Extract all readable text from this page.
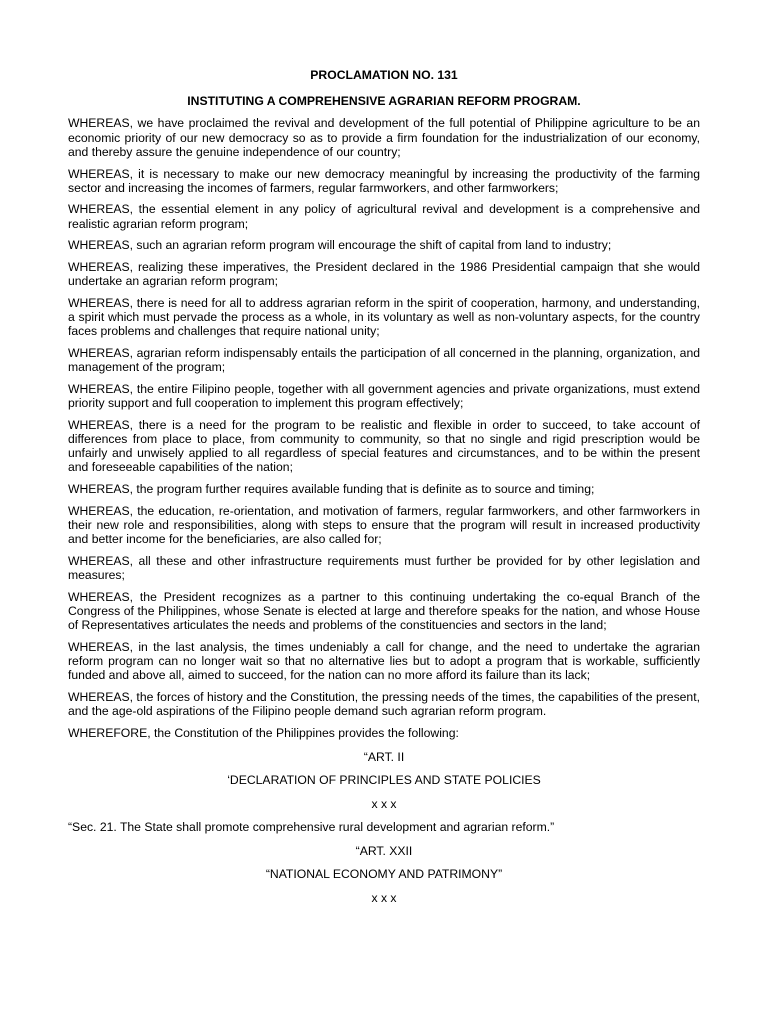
PROCLAMATION NO. 131
INSTITUTING A COMPREHENSIVE AGRARIAN REFORM PROGRAM.

WHEREAS, we have proclaimed the revival and development of the full potential of Philippine agriculture to be an economic priority of our new democracy so as to provide a firm foundation for the industrialization of our economy, and thereby assure the genuine independence of our country;

WHEREAS, it is necessary to make our new democracy meaningful by increasing the productivity of the farming sector and increasing the incomes of farmers, regular farmworkers, and other farmworkers;

WHEREAS, the essential element in any policy of agricultural revival and development is a comprehensive and realistic agrarian reform program;

WHEREAS, such an agrarian reform program will encourage the shift of capital from land to industry;

WHEREAS, realizing these imperatives, the President declared in the 1986 Presidential campaign that she would undertake an agrarian reform program;

WHEREAS, there is need for all to address agrarian reform in the spirit of cooperation, harmony, and understanding, a spirit which must pervade the process as a whole, in its voluntary as well as non-voluntary aspects, for the country faces problems and challenges that require national unity;

WHEREAS, agrarian reform indispensably entails the participation of all concerned in the planning, organization, and management of the program;

WHEREAS, the entire Filipino people, together with all government agencies and private organizations, must extend priority support and full cooperation to implement this program effectively;

WHEREAS, there is a need for the program to be realistic and flexible in order to succeed, to take account of differences from place to place, from community to community, so that no single and rigid prescription would be unfairly and unwisely applied to all regardless of special features and circumstances, and to be within the present and foreseeable capabilities of the nation;

WHEREAS, the program further requires available funding that is definite as to source and timing;

WHEREAS, the education, re-orientation, and motivation of farmers, regular farmworkers, and other farmworkers in their new role and responsibilities, along with steps to ensure that the program will result in increased productivity and better income for the beneficiaries, are also called for;

WHEREAS, all these and other infrastructure requirements must further be provided for by other legislation and measures;

WHEREAS, the President recognizes as a partner to this continuing undertaking the co-equal Branch of the Congress of the Philippines, whose Senate is elected at large and therefore speaks for the nation, and whose House of Representatives articulates the needs and problems of the constituencies and sectors in the land;

WHEREAS, in the last analysis, the times undeniably a call for change, and the need to undertake the agrarian reform program can no longer wait so that no alternative lies but to adopt a program that is workable, sufficiently funded and above all, aimed to succeed, for the nation can no more afford its failure than its lack;

WHEREAS, the forces of history and the Constitution, the pressing needs of the times, the capabilities of the present, and the age-old aspirations of the Filipino people demand such agrarian reform program.

WHEREFORE, the Constitution of the Philippines provides the following:

“ART. II

‘DECLARATION OF PRINCIPLES AND STATE POLICIES

x x x

“Sec. 21. The State shall promote comprehensive rural development and agrarian reform.”

“ART. XXII

“NATIONAL ECONOMY AND PATRIMONY”

x x x
